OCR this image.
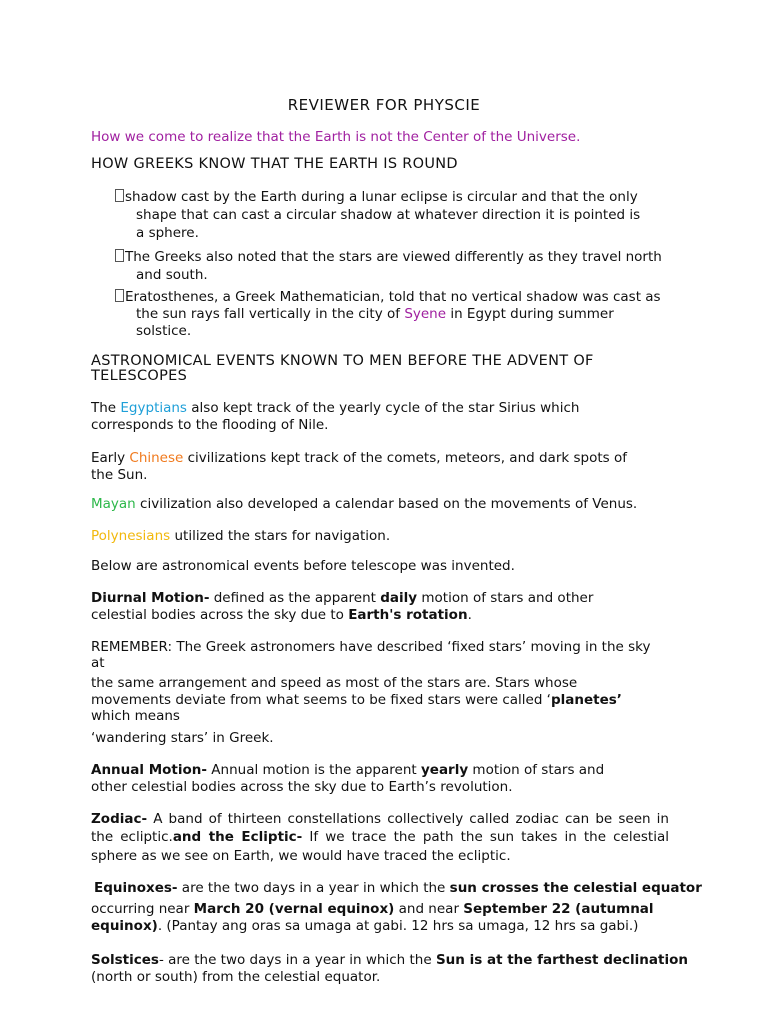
REVIEWER FOR PHYSCIE
How we come to realize that the Earth is not the Center of the Universe.
HOW GREEKS KNOW THAT THE EARTH IS ROUND
shadow cast by the Earth during a lunar eclipse is circular and that the only
shape that can cast a circular shadow at whatever direction it is pointed is
a sphere.
The Greeks also noted that the stars are viewed differently as they travel north
and south.
Eratosthenes, a Greek Mathematician, told that no vertical shadow was cast as
the sun rays fall vertically in the city of Syene in Egypt during summer
solstice.
ASTRONOMICAL EVENTS KNOWN TO MEN BEFORE THE ADVENT OF
TELESCOPES
The Egyptians also kept track of the yearly cycle of the star Sirius which
corresponds to the flooding of Nile.
Early Chinese civilizations kept track of the comets, meteors, and dark spots of
the Sun.
Mayan civilization also developed a calendar based on the movements of Venus.
Polynesians utilized the stars for navigation.
Below are astronomical events before telescope was invented.
Diurnal Motion- defined as the apparent daily motion of stars and other
celestial bodies across the sky due to Earth's rotation.
REMEMBER: The Greek astronomers have described ‘fixed stars’ moving in the sky
at
the same arrangement and speed as most of the stars are. Stars whose
movements deviate from what seems to be fixed stars were called ‘planetes’
which means
‘wandering stars’ in Greek.
Annual Motion- Annual motion is the apparent yearly motion of stars and
other celestial bodies across the sky due to Earth’s revolution.
Zodiac- A band of thirteen constellations collectively called zodiac can be seen in
the ecliptic.and the Ecliptic- If we trace the path the sun takes in the celestial
sphere as we see on Earth, we would have traced the ecliptic.
Equinoxes- are the two days in a year in which the sun crosses the celestial equator
occurring near March 20 (vernal equinox) and near September 22 (autumnal
equinox). (Pantay ang oras sa umaga at gabi. 12 hrs sa umaga, 12 hrs sa gabi.)
Solstices- are the two days in a year in which the Sun is at the farthest declination
(north or south) from the celestial equator.
